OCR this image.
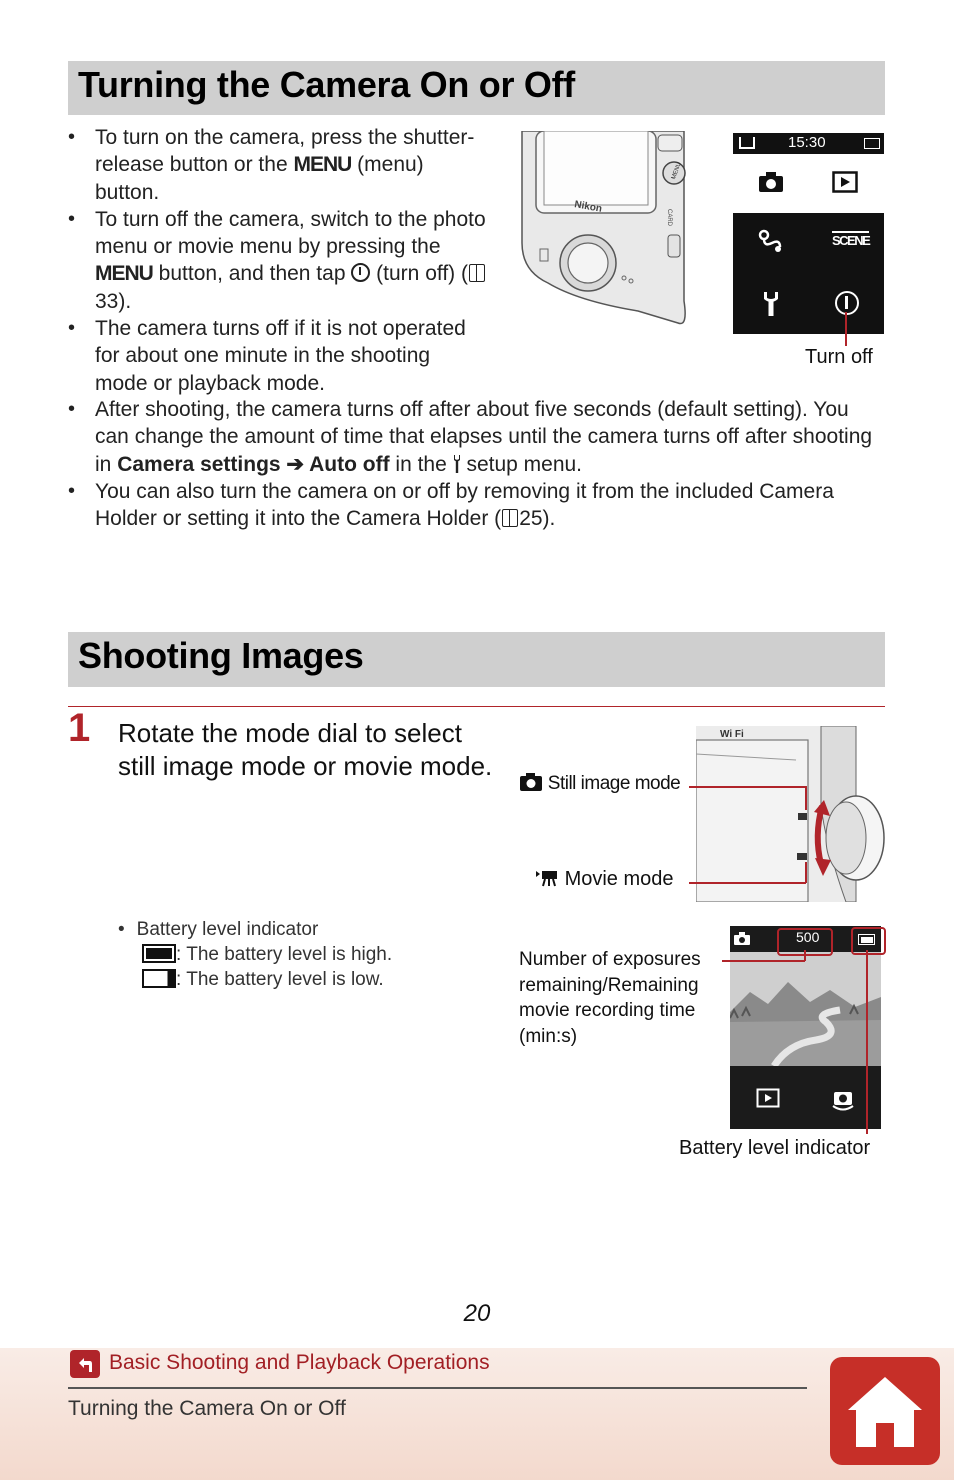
Turning the Camera On or Off
• To turn on the camera, press the shutter-release button or the MENU (menu) button.
• To turn off the camera, switch to the photo menu or movie menu by pressing the MENU button, and then tap  (turn off) (33).
• The camera turns off if it is not operated for about one minute in the shooting mode or playback mode.
• After shooting, the camera turns off after about five seconds (default setting). You can change the amount of time that elapses until the camera turns off after shooting in Camera settings ➔ Auto off in the  setup menu.
• You can also turn the camera on or off by removing it from the included Camera Holder or setting it into the Camera Holder ( 25).
Nikon
MENU
CARD
15:30
SCENE
Turn off
Shooting Images
1 Rotate the mode dial to select still image mode or movie mode.
• Battery level indicator
: The battery level is high.
: The battery level is low.
Wi Fi
Still image mode
Movie mode
500
Number of exposures remaining/Remaining movie recording time (min:s)
Battery level indicator
20
Basic Shooting and Playback Operations
Turning the Camera On or Off
